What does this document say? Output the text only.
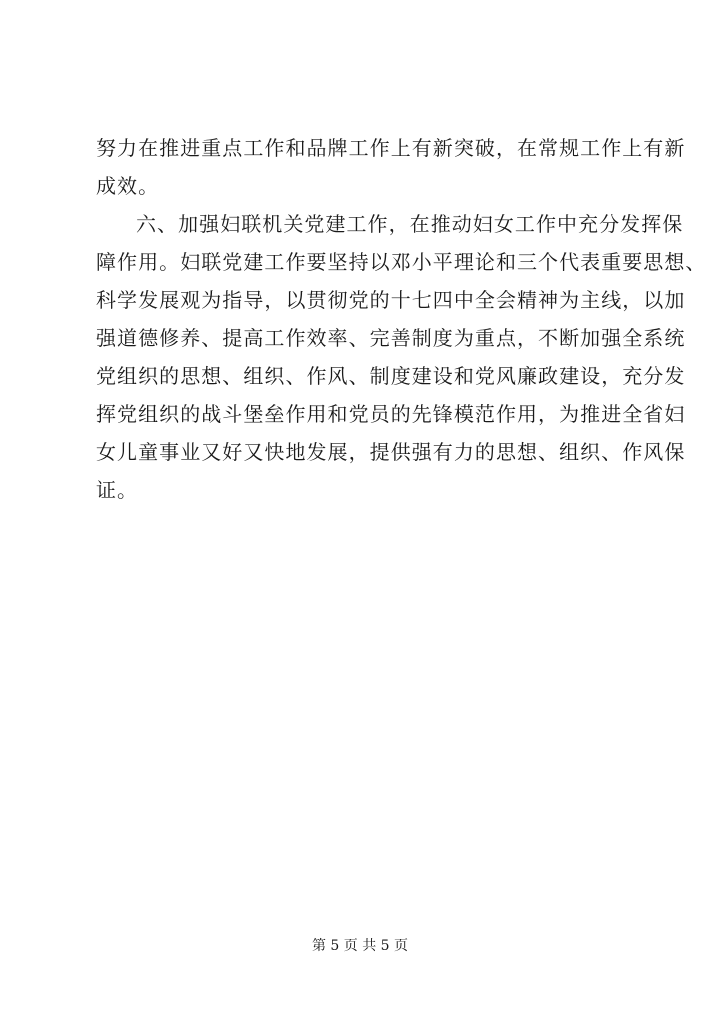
努力在推进重点工作和品牌工作上有新突破，在常规工作上有新
成效。
六、加强妇联机关党建工作，在推动妇女工作中充分发挥保
障作用。妇联党建工作要坚持以邓小平理论和三个代表重要思想、
科学发展观为指导，以贯彻党的十七四中全会精神为主线，以加
强道德修养、提高工作效率、完善制度为重点，不断加强全系统
党组织的思想、组织、作风、制度建设和党风廉政建设，充分发
挥党组织的战斗堡垒作用和党员的先锋模范作用，为推进全省妇
女儿童事业又好又快地发展，提供强有力的思想、组织、作风保
证。
第 5 页 共 5 页
